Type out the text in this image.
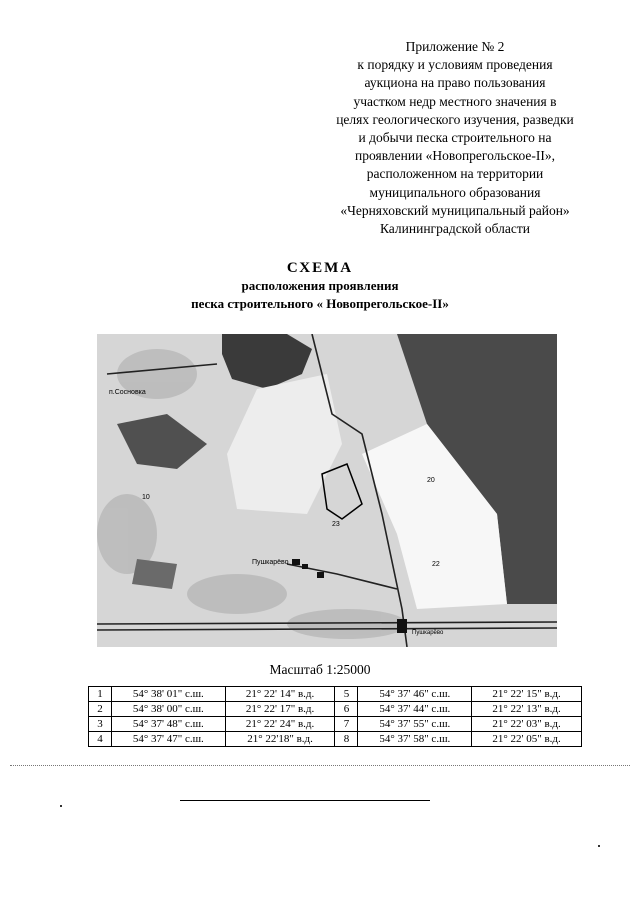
Приложение № 2
к порядку и условиям проведения
аукциона на право пользования
участком недр местного значения в
целях геологического изучения, разведки
и добычи песка строительного на
проявлении «Новопрегольское-II»,
расположенном на территории
муниципального образования
«Черняховский муниципальный район»
Калининградской области
СХЕМА
расположения проявления
песка строительного « Новопрегольское-II»
п.Сосновка
Пушкарёво
Пушкарёво
10
20
22
23
Масштаб 1:25000
1	54° 38' 01" с.ш.	21° 22' 14" в.д.	5	54° 37' 46" с.ш.	21° 22' 15" в.д.
2	54° 38' 00" с.ш.	21° 22' 17" в.д.	6	54° 37' 44" с.ш.	21° 22' 13" в.д.
3	54° 37' 48" с.ш.	21° 22' 24" в.д.	7	54° 37' 55" с.ш.	21° 22' 03" в.д.
4	54° 37' 47" с.ш.	21° 22'18" в.д.	8	54° 37' 58" с.ш.	21° 22' 05" в.д.
